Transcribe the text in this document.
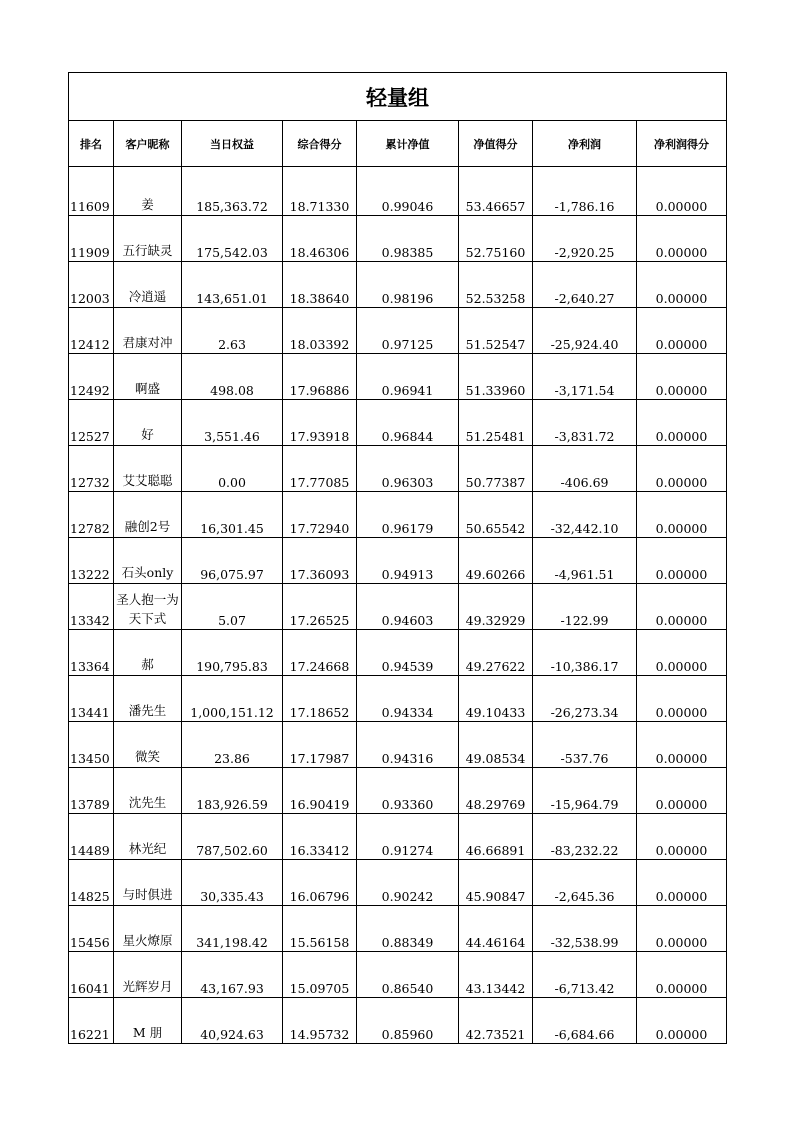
轻量组							
排名	客户昵称	当日权益	综合得分	累计净值	净值得分	净利润	净利润得分
11609	姜	185,363.72	18.71330	0.99046	53.46657	-1,786.16	0.00000
11909	五行缺灵	175,542.03	18.46306	0.98385	52.75160	-2,920.25	0.00000
12003	冷逍遥	143,651.01	18.38640	0.98196	52.53258	-2,640.27	0.00000
12412	君康对冲	2.63	18.03392	0.97125	51.52547	-25,924.40	0.00000
12492	啊盛	498.08	17.96886	0.96941	51.33960	-3,171.54	0.00000
12527	好	3,551.46	17.93918	0.96844	51.25481	-3,831.72	0.00000
12732	艾艾聪聪	0.00	17.77085	0.96303	50.77387	-406.69	0.00000
12782	融创2号	16,301.45	17.72940	0.96179	50.65542	-32,442.10	0.00000
13222	石头only	96,075.97	17.36093	0.94913	49.60266	-4,961.51	0.00000
13342	圣人抱一为天下式	5.07	17.26525	0.94603	49.32929	-122.99	0.00000
13364	郝	190,795.83	17.24668	0.94539	49.27622	-10,386.17	0.00000
13441	潘先生	1,000,151.12	17.18652	0.94334	49.10433	-26,273.34	0.00000
13450	微笑	23.86	17.17987	0.94316	49.08534	-537.76	0.00000
13789	沈先生	183,926.59	16.90419	0.93360	48.29769	-15,964.79	0.00000
14489	林光纪	787,502.60	16.33412	0.91274	46.66891	-83,232.22	0.00000
14825	与时俱进	30,335.43	16.06796	0.90242	45.90847	-2,645.36	0.00000
15456	星火燎原	341,198.42	15.56158	0.88349	44.46164	-32,538.99	0.00000
16041	光辉岁月	43,167.93	15.09705	0.86540	43.13442	-6,713.42	0.00000
16221	M 朋	40,924.63	14.95732	0.85960	42.73521	-6,684.66	0.00000
